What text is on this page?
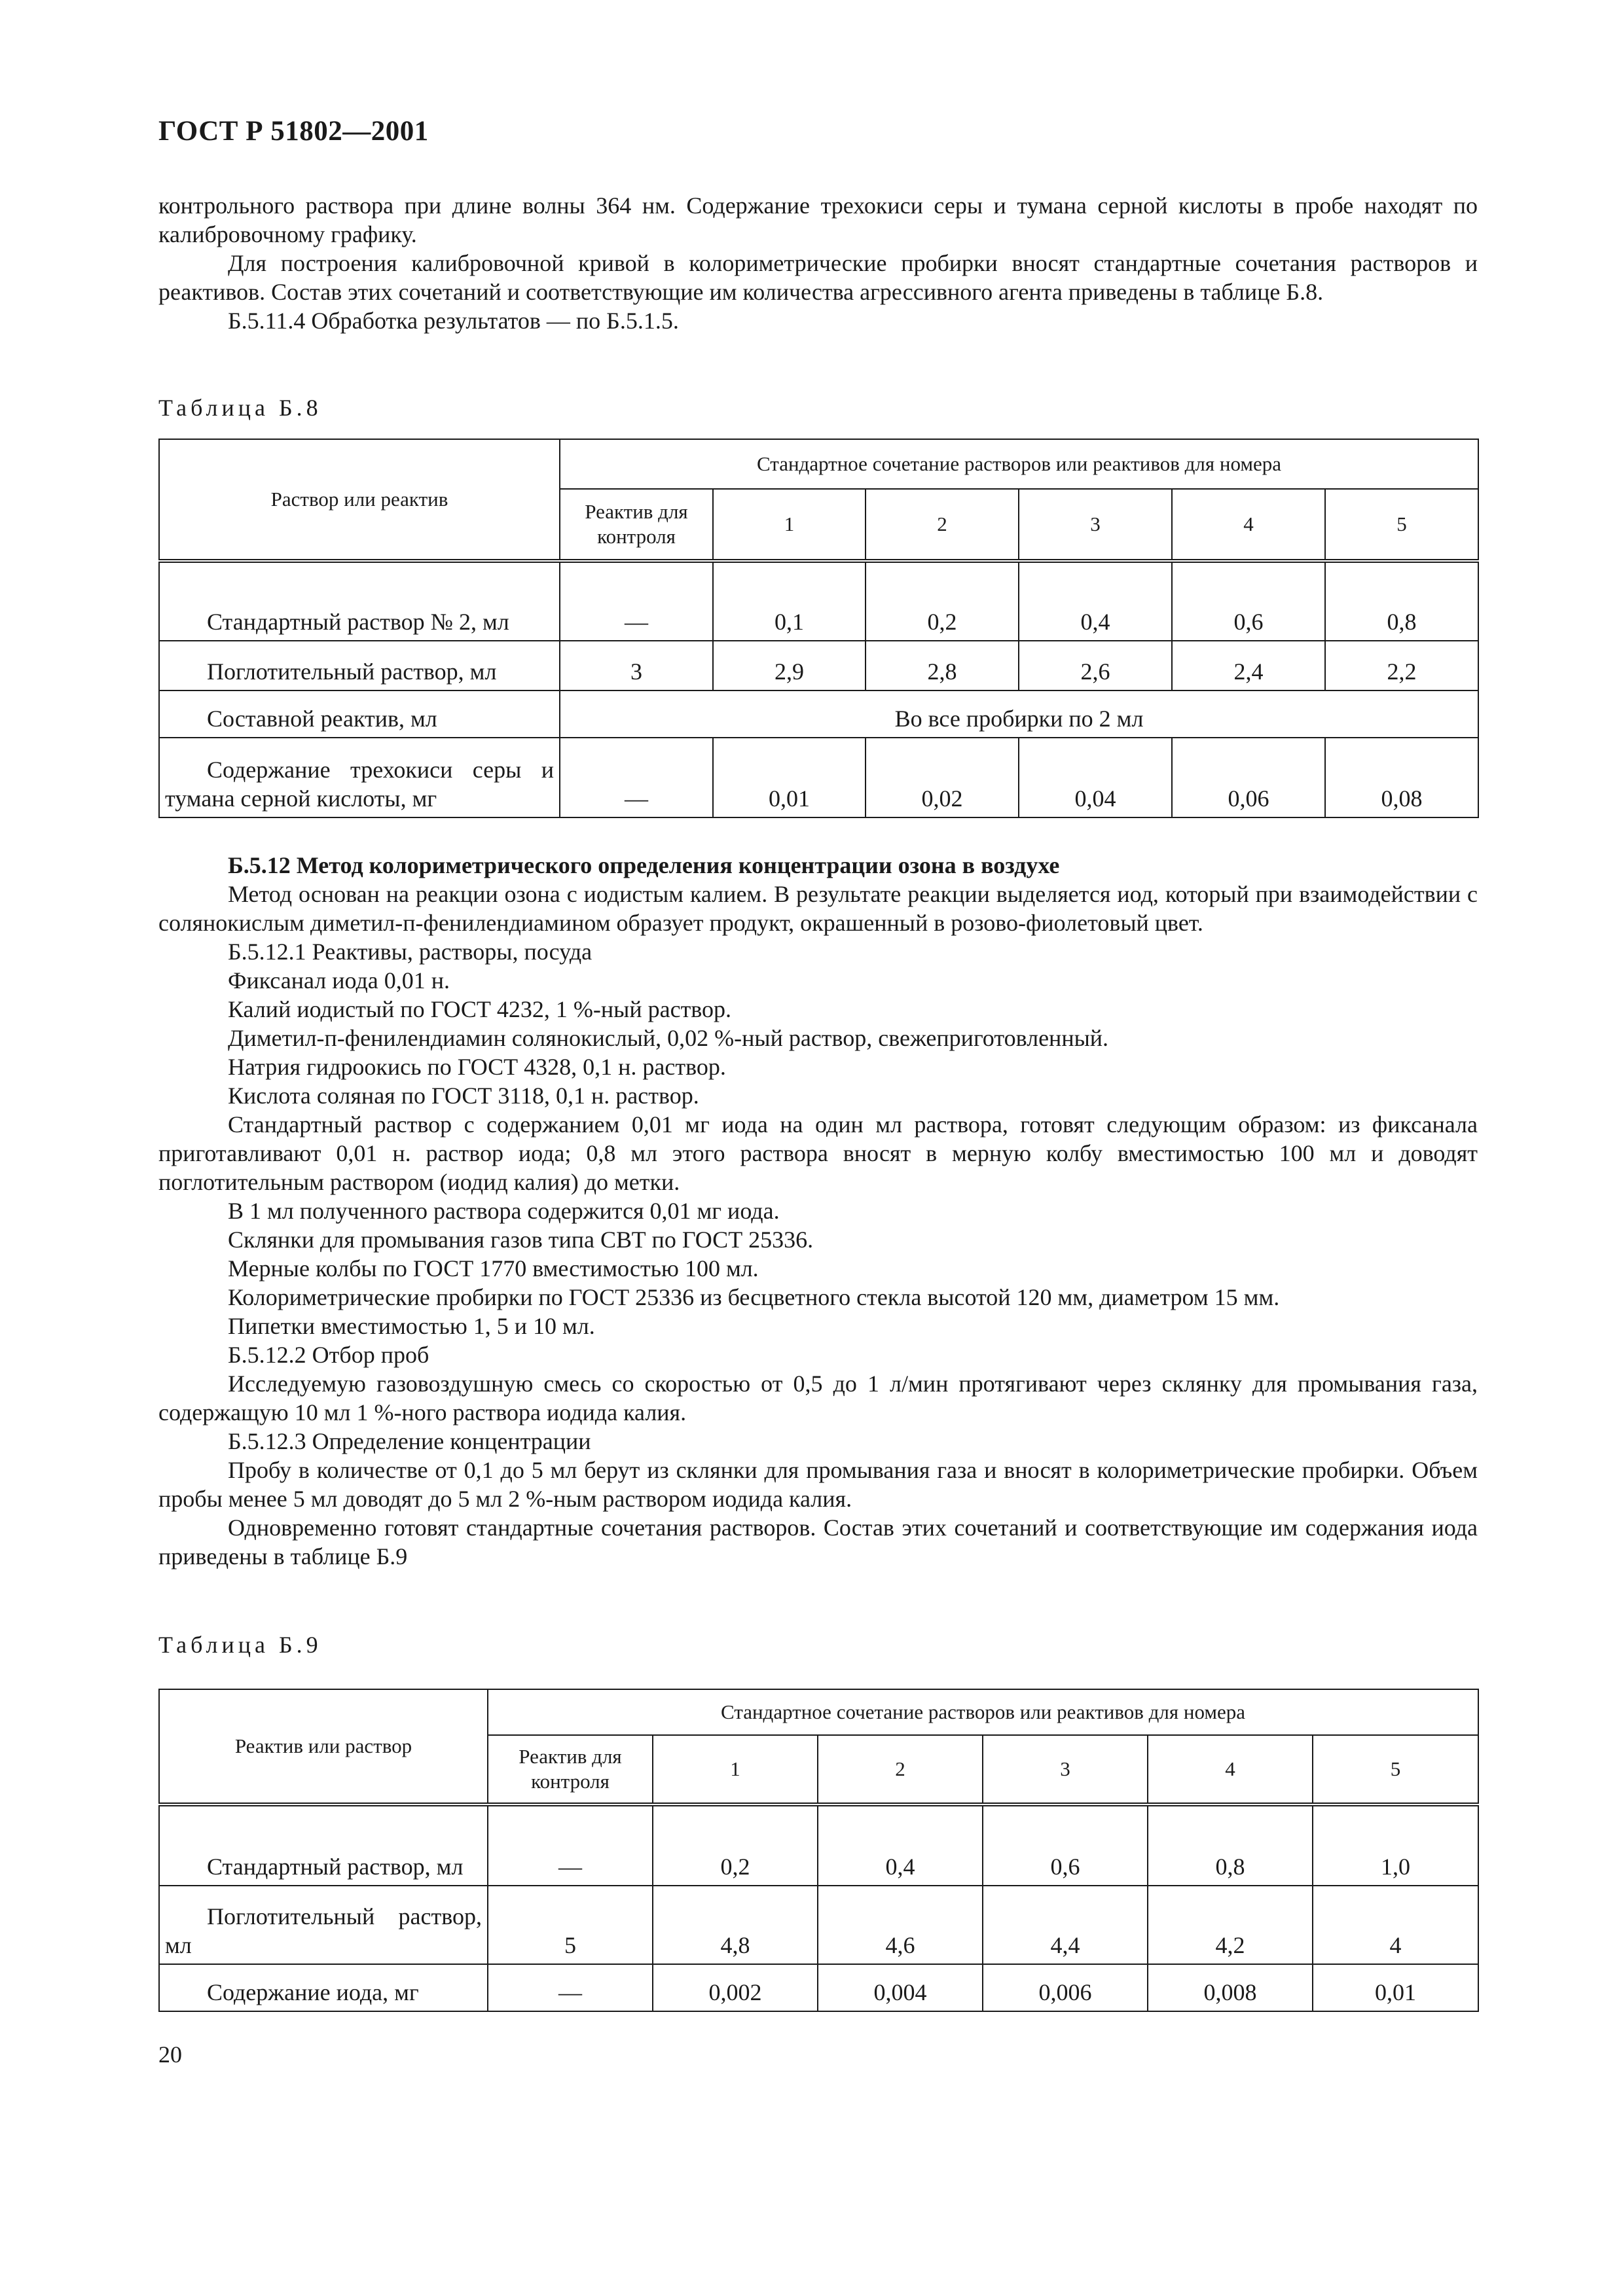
ГОСТ Р 51802—2001

контрольного раствора при длине волны 364 нм. Содержание трехокиси серы и тумана серной кислоты в пробе находят по калибровочному графику.

Для построения калибровочной кривой в колориметрические пробирки вносят стандартные сочетания растворов и реактивов. Состав этих сочетаний и соответствующие им количества агрессивного агента приведены в таблице Б.8.

Б.5.11.4 Обработка результатов — по Б.5.1.5.

Таблица Б.8
Раствор или реактив	Стандартное сочетание растворов или реактивов для номера					
	Реактив для контроля	1	2	3	4	5
Стандартный раствор № 2, мл	—	0,1	0,2	0,4	0,6	0,8
Поглотительный раствор, мл	3	2,9	2,8	2,6	2,4	2,2
Составной реактив, мл	Во все пробирки по 2 мл					
Содержание трехокиси серы и тумана серной кислоты, мг	—	0,01	0,02	0,04	0,06	0,08

Б.5.12 Метод колориметрического определения концентрации озона в воздухе

Метод основан на реакции озона с иодистым калием. В результате реакции выделяется иод, который при взаимодействии с солянокислым диметил-п-фенилендиамином образует продукт, окрашенный в розово-фиолетовый цвет.

Б.5.12.1 Реактивы, растворы, посуда

Фиксанал иода 0,01 н.

Калий иодистый по ГОСТ 4232, 1 %-ный раствор.

Диметил-п-фенилендиамин солянокислый, 0,02 %-ный раствор, свежеприготовленный.

Натрия гидроокись по ГОСТ 4328, 0,1 н. раствор.

Кислота соляная по ГОСТ 3118, 0,1 н. раствор.

Стандартный раствор с содержанием 0,01 мг иода на один мл раствора, готовят следующим образом: из фиксанала приготавливают 0,01 н. раствор иода; 0,8 мл этого раствора вносят в мерную колбу вместимостью 100 мл и доводят поглотительным раствором (иодид калия) до метки.

В 1 мл полученного раствора содержится 0,01 мг иода.

Склянки для промывания газов типа СВТ по ГОСТ 25336.

Мерные колбы по ГОСТ 1770 вместимостью 100 мл.

Колориметрические пробирки по ГОСТ 25336 из бесцветного стекла высотой 120 мм, диаметром 15 мм.

Пипетки вместимостью 1, 5 и 10 мл.

Б.5.12.2 Отбор проб

Исследуемую газовоздушную смесь со скоростью от 0,5 до 1 л/мин протягивают через склянку для промывания газа, содержащую 10 мл 1 %-ного раствора иодида калия.

Б.5.12.3 Определение концентрации

Пробу в количестве от 0,1 до 5 мл берут из склянки для промывания газа и вносят в колориметрические пробирки. Объем пробы менее 5 мл доводят до 5 мл 2 %-ным раствором иодида калия.

Одновременно готовят стандартные сочетания растворов. Состав этих сочетаний и соответствующие им содержания иода приведены в таблице Б.9

Таблица Б.9
Реактив или раствор	Стандартное сочетание растворов или реактивов для номера					
	Реактив для контроля	1	2	3	4	5
Стандартный раствор, мл	—	0,2	0,4	0,6	0,8	1,0
Поглотительный раствор, мл	5	4,8	4,6	4,4	4,2	4
Содержание иода, мг	—	0,002	0,004	0,006	0,008	0,01
20
